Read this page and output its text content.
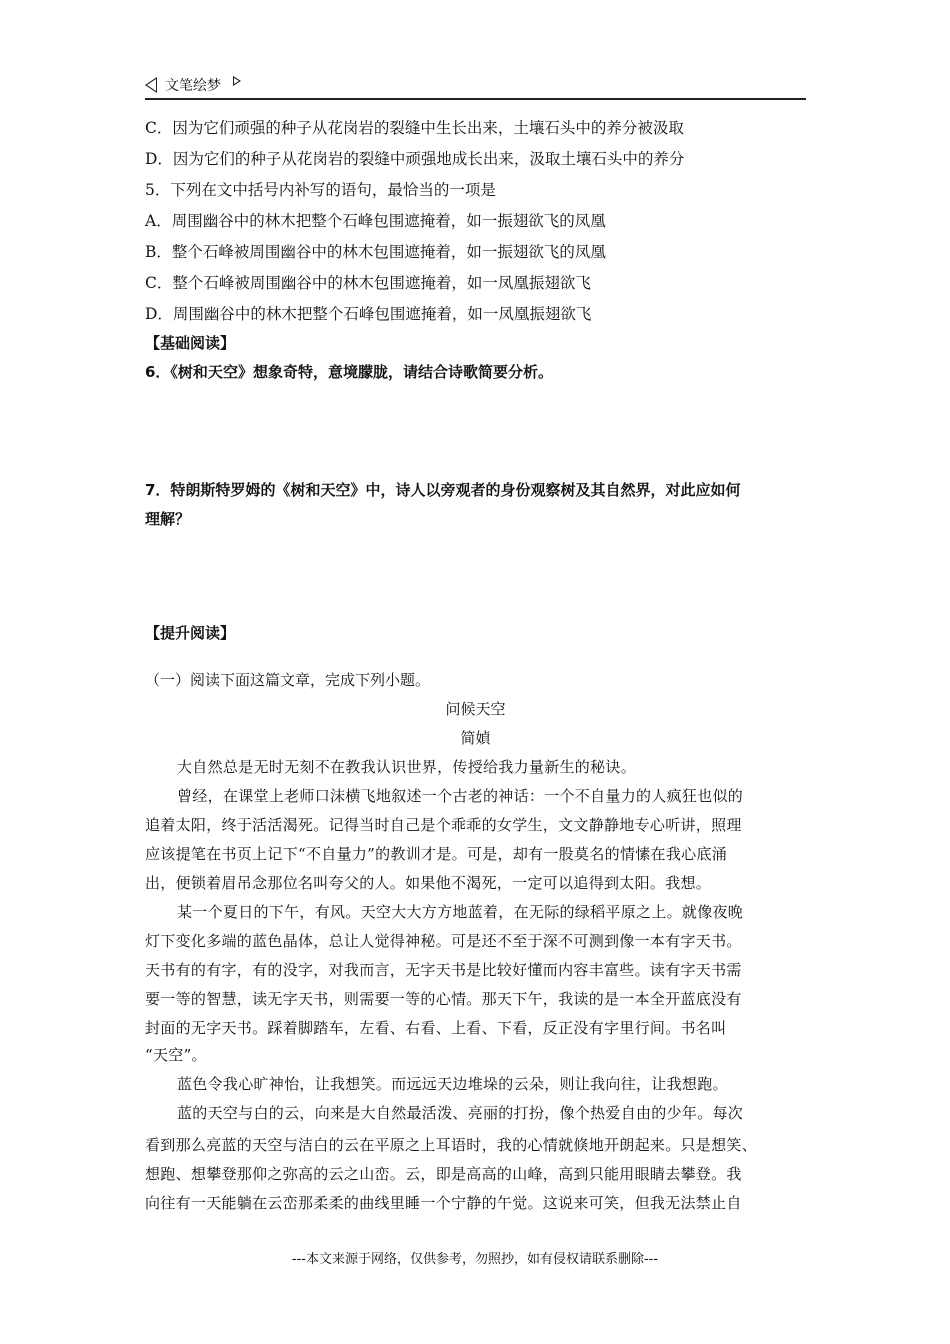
文笔绘梦
C．因为它们顽强的种子从花岗岩的裂缝中生长出来，土壤石头中的养分被汲取
D．因为它们的种子从花岗岩的裂缝中顽强地成长出来，汲取土壤石头中的养分
5．下列在文中括号内补写的语句，最恰当的一项是
A．周围幽谷中的林木把整个石峰包围遮掩着，如一振翅欲飞的凤凰
B．整个石峰被周围幽谷中的林木包围遮掩着，如一振翅欲飞的凤凰
C．整个石峰被周围幽谷中的林木包围遮掩着，如一凤凰振翅欲飞
D．周围幽谷中的林木把整个石峰包围遮掩着，如一凤凰振翅欲飞
【基础阅读】
6．《树和天空》想象奇特，意境朦胧，请结合诗歌简要分析。
7．特朗斯特罗姆的《树和天空》中，诗人以旁观者的身份观察树及其自然界，对此应如何
理解？
【提升阅读】
（一）阅读下面这篇文章，完成下列小题。
问候天空
简媜
大自然总是无时无刻不在教我认识世界，传授给我力量新生的秘诀。
曾经，在课堂上老师口沫横飞地叙述一个古老的神话：一个不自量力的人疯狂也似的
追着太阳，终于活活渴死。记得当时自己是个乖乖的女学生，文文静静地专心听讲，照理
应该提笔在书页上记下“不自量力”的教训才是。可是，却有一股莫名的情愫在我心底涌
出，便锁着眉吊念那位名叫夸父的人。如果他不渴死，一定可以追得到太阳。我想。
某一个夏日的下午，有风。天空大大方方地蓝着，在无际的绿稻平原之上。就像夜晚
灯下变化多端的蓝色晶体，总让人觉得神秘。可是还不至于深不可测到像一本有字天书。
天书有的有字，有的没字，对我而言，无字天书是比较好懂而内容丰富些。读有字天书需
要一等的智慧，读无字天书，则需要一等的心情。那天下午，我读的是一本全开蓝底没有
封面的无字天书。踩着脚踏车，左看、右看、上看、下看，反正没有字里行间。书名叫
“天空”。
蓝色令我心旷神怡，让我想笑。而远远天边堆垛的云朵，则让我向往，让我想跑。
蓝的天空与白的云，向来是大自然最活泼、亮丽的打扮，像个热爱自由的少年。每次
看到那么亮蓝的天空与洁白的云在平原之上耳语时，我的心情就倏地开朗起来。只是想笑、
想跑、想攀登那仰之弥高的云之山峦。云，即是高高的山峰，高到只能用眼睛去攀登。我
向往有一天能躺在云峦那柔柔的曲线里睡一个宁静的午觉。这说来可笑，但我无法禁止自
---本文来源于网络，仅供参考，勿照抄，如有侵权请联系删除---
